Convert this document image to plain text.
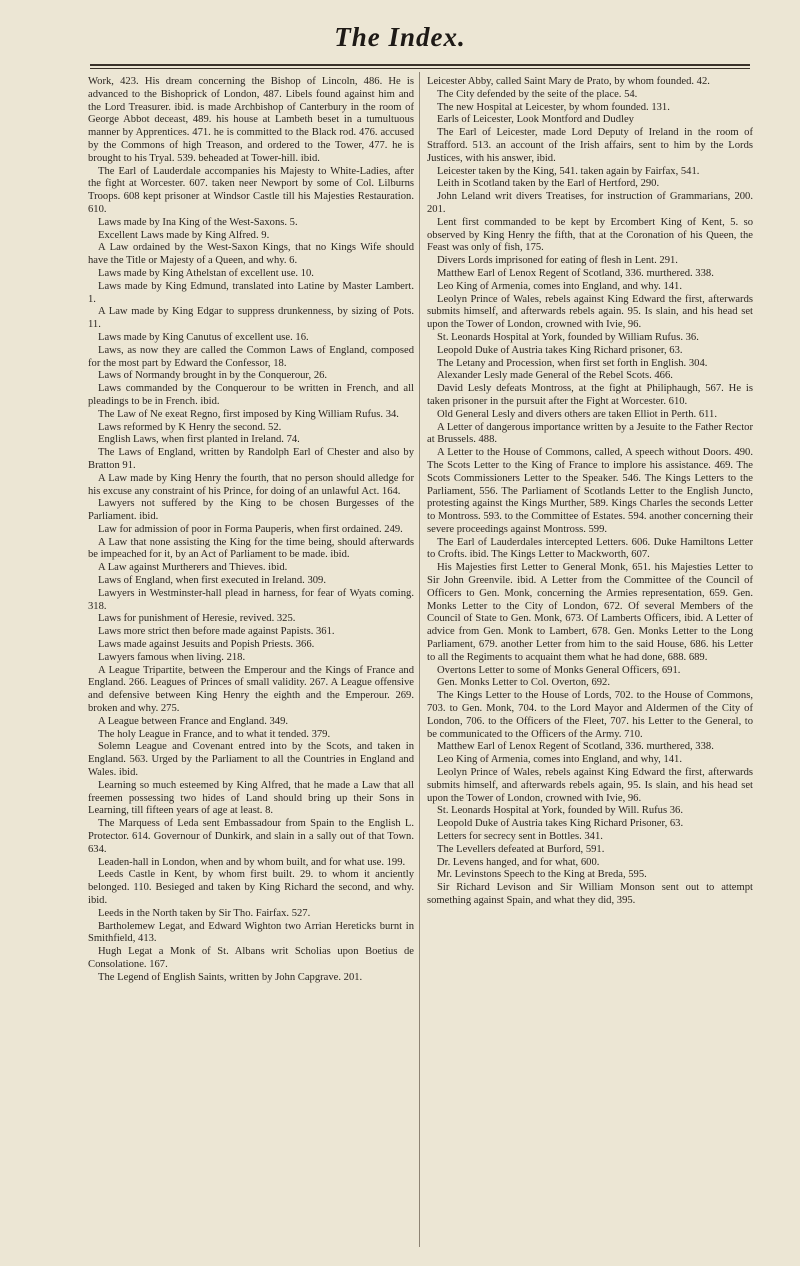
The Index.

Work, 423. His dream concerning the Bishop of Lincoln, 486. He is advanced to the Bishoprick of London, 487. Libels found against him and the Lord Treasurer. ibid. is made Archbishop of Canterbury in the room of George Abbot deceast, 489. his house at Lambeth beset in a tumultuous manner by Apprentices. 471. he is committed to the Black rod. 476. accused by the Commons of high Treason, and ordered to the Tower, 477. he is brought to his Tryal. 539. beheaded at Tower-hill. ibid.

The Earl of Lauderdale accompanies his Majesty to White-Ladies, after the fight at Worcester. 607. taken neer Newport by some of Col. Lilburns Troops. 608 kept prisoner at Windsor Castle till his Majesties Restauration. 610.

Laws made by Ina King of the West-Saxons. 5.

Excellent Laws made by King Alfred. 9.

A Law ordained by the West-Saxon Kings, that no Kings Wife should have the Title or Majesty of a Queen, and why. 6.

Laws made by King Athelstan of excellent use. 10.

Laws made by King Edmund, translated into Latine by Master Lambert. 1.

A Law made by King Edgar to suppress drunkenness, by sizing of Pots. 11.

Laws made by King Canutus of excellent use. 16.

Laws, as now they are called the Common Laws of England, composed for the most part by Edward the Confessor, 18.

Laws of Normandy brought in by the Conquerour, 26.

Laws commanded by the Conquerour to be written in French, and all pleadings to be in French. ibid.

The Law of Ne exeat Regno, first imposed by King William Rufus. 34.

Laws reformed by K Henry the second. 52.

English Laws, when first planted in Ireland. 74.

The Laws of England, written by Randolph Earl of Chester and also by Bratton 91.

A Law made by King Henry the fourth, that no person should alledge for his excuse any constraint of his Prince, for doing of an unlawful Act. 164.

Lawyers not suffered by the King to be chosen Burgesses of the Parliament. ibid.

Law for admission of poor in Forma Pauperis, when first ordained. 249.

A Law that none assisting the King for the time being, should afterwards be impeached for it, by an Act of Parliament to be made. ibid.

A Law against Murtherers and Thieves. ibid.

Laws of England, when first executed in Ireland. 309.

Lawyers in Westminster-hall plead in harness, for fear of Wyats coming. 318.

Laws for punishment of Heresie, revived. 325.

Laws more strict then before made against Papists. 361.

Laws made against Jesuits and Popish Priests. 366.

Lawyers famous when living. 218.

A League Tripartite, between the Emperour and the Kings of France and England. 266. Leagues of Princes of small validity. 267. A League offensive and defensive between King Henry the eighth and the Emperour. 269. broken and why. 275.

A League between France and England. 349.

The holy League in France, and to what it tended. 379.

Solemn League and Covenant entred into by the Scots, and taken in England. 563. Urged by the Parliament to all the Countries in England and Wales. ibid.

Learning so much esteemed by King Alfred, that he made a Law that all freemen possessing two hides of Land should bring up their Sons in Learning, till fifteen years of age at least. 8.

The Marquess of Leda sent Embassadour from Spain to the English L. Protector. 614. Governour of Dunkirk, and slain in a sally out of that Town. 634.

Leaden-hall in London, when and by whom built, and for what use. 199.

Leeds Castle in Kent, by whom first built. 29. to whom it anciently belonged. 110. Besieged and taken by King Richard the second, and why. ibid.

Leeds in the North taken by Sir Tho. Fairfax. 527.

Bartholemew Legat, and Edward Wighton two Arrian Hereticks burnt in Smithfield, 413.

Hugh Legat a Monk of St. Albans writ Scholias upon Boetius de Consolatione. 167.

The Legend of English Saints, written by John Capgrave. 201.

Leicester Abby, called Saint Mary de Prato, by whom founded. 42.

The City defended by the seite of the place. 54.

The new Hospital at Leicester, by whom founded. 131.

Earls of Leicester, Look Montford and Dudley

The Earl of Leicester, made Lord Deputy of Ireland in the room of Strafford. 513. an account of the Irish affairs, sent to him by the Lords Justices, with his answer, ibid.

Leicester taken by the King, 541. taken again by Fairfax, 541.

Leith in Scotland taken by the Earl of Hertford, 290.

John Leland writ divers Treatises, for instruction of Grammarians, 200. 201.

Lent first commanded to be kept by Ercombert King of Kent, 5. so observed by King Henry the fifth, that at the Coronation of his Queen, the Feast was only of fish, 175.

Divers Lords imprisoned for eating of flesh in Lent. 291.

Matthew Earl of Lenox Regent of Scotland, 336. murthered. 338.

Leo King of Armenia, comes into England, and why. 141.

Leolyn Prince of Wales, rebels against King Edward the first, afterwards submits himself, and afterwards rebels again. 95. Is slain, and his head set upon the Tower of London, crowned with Ivie, 96.

St. Leonards Hospital at York, founded by William Rufus. 36.

Leopold Duke of Austria takes King Richard prisoner, 63.

The Letany and Procession, when first set forth in English. 304.

Alexander Lesly made General of the Rebel Scots. 466.

David Lesly defeats Montross, at the fight at Philiphaugh, 567. He is taken prisoner in the pursuit after the Fight at Worcester. 610.

Old General Lesly and divers others are taken Elliot in Perth. 611.

A Letter of dangerous importance written by a Jesuite to the Father Rector at Brussels. 488.

A Letter to the House of Commons, called, A speech without Doors. 490. The Scots Letter to the King of France to implore his assistance. 469. The Scots Commissioners Letter to the Speaker. 546. The Kings Letters to the Parliament, 556. The Parliament of Scotlands Letter to the English Juncto, protesting against the Kings Murther, 589. Kings Charles the seconds Letter to Montross. 593. to the Committee of Estates. 594. another concerning their severe proceedings against Montross. 599.

The Earl of Lauderdales intercepted Letters. 606. Duke Hamiltons Letter to Crofts. ibid. The Kings Letter to Mackworth, 607.

His Majesties first Letter to General Monk, 651. his Majesties Letter to Sir John Greenvile. ibid. A Letter from the Committee of the Council of Officers to Gen. Monk, concerning the Armies representation, 659. Gen. Monks Letter to the City of London, 672. Of several Members of the Council of State to Gen. Monk, 673. Of Lamberts Officers, ibid. A Letter of advice from Gen. Monk to Lambert, 678. Gen. Monks Letter to the Long Parliament, 679. another Letter from him to the said House, 686. his Letter to all the Regiments to acquaint them what he had done, 688. 689.

Overtons Letter to some of Monks General Officers, 691.

Gen. Monks Letter to Col. Overton, 692.

The Kings Letter to the House of Lords, 702. to the House of Commons, 703. to Gen. Monk, 704. to the Lord Mayor and Aldermen of the City of London, 706. to the Officers of the Fleet, 707. his Letter to the General, to be communicated to the Officers of the Army. 710.

Matthew Earl of Lenox Regent of Scotland, 336. murthered, 338.

Leo King of Armenia, comes into England, and why, 141.

Leolyn Prince of Wales, rebels against King Edward the first, afterwards submits himself, and afterwards rebels again, 95. Is slain, and his head set upon the Tower of London, crowned with Ivie, 96.

St. Leonards Hospital at York, founded by Will. Rufus 36.

Leopold Duke of Austria takes King Richard Prisoner, 63.

Letters for secrecy sent in Bottles. 341.

The Levellers defeated at Burford, 591.

Dr. Levens hanged, and for what, 600.

Mr. Levinstons Speech to the King at Breda, 595.

Sir Richard Levison and Sir William Monson sent out to attempt something against Spain, and what they did, 395.
